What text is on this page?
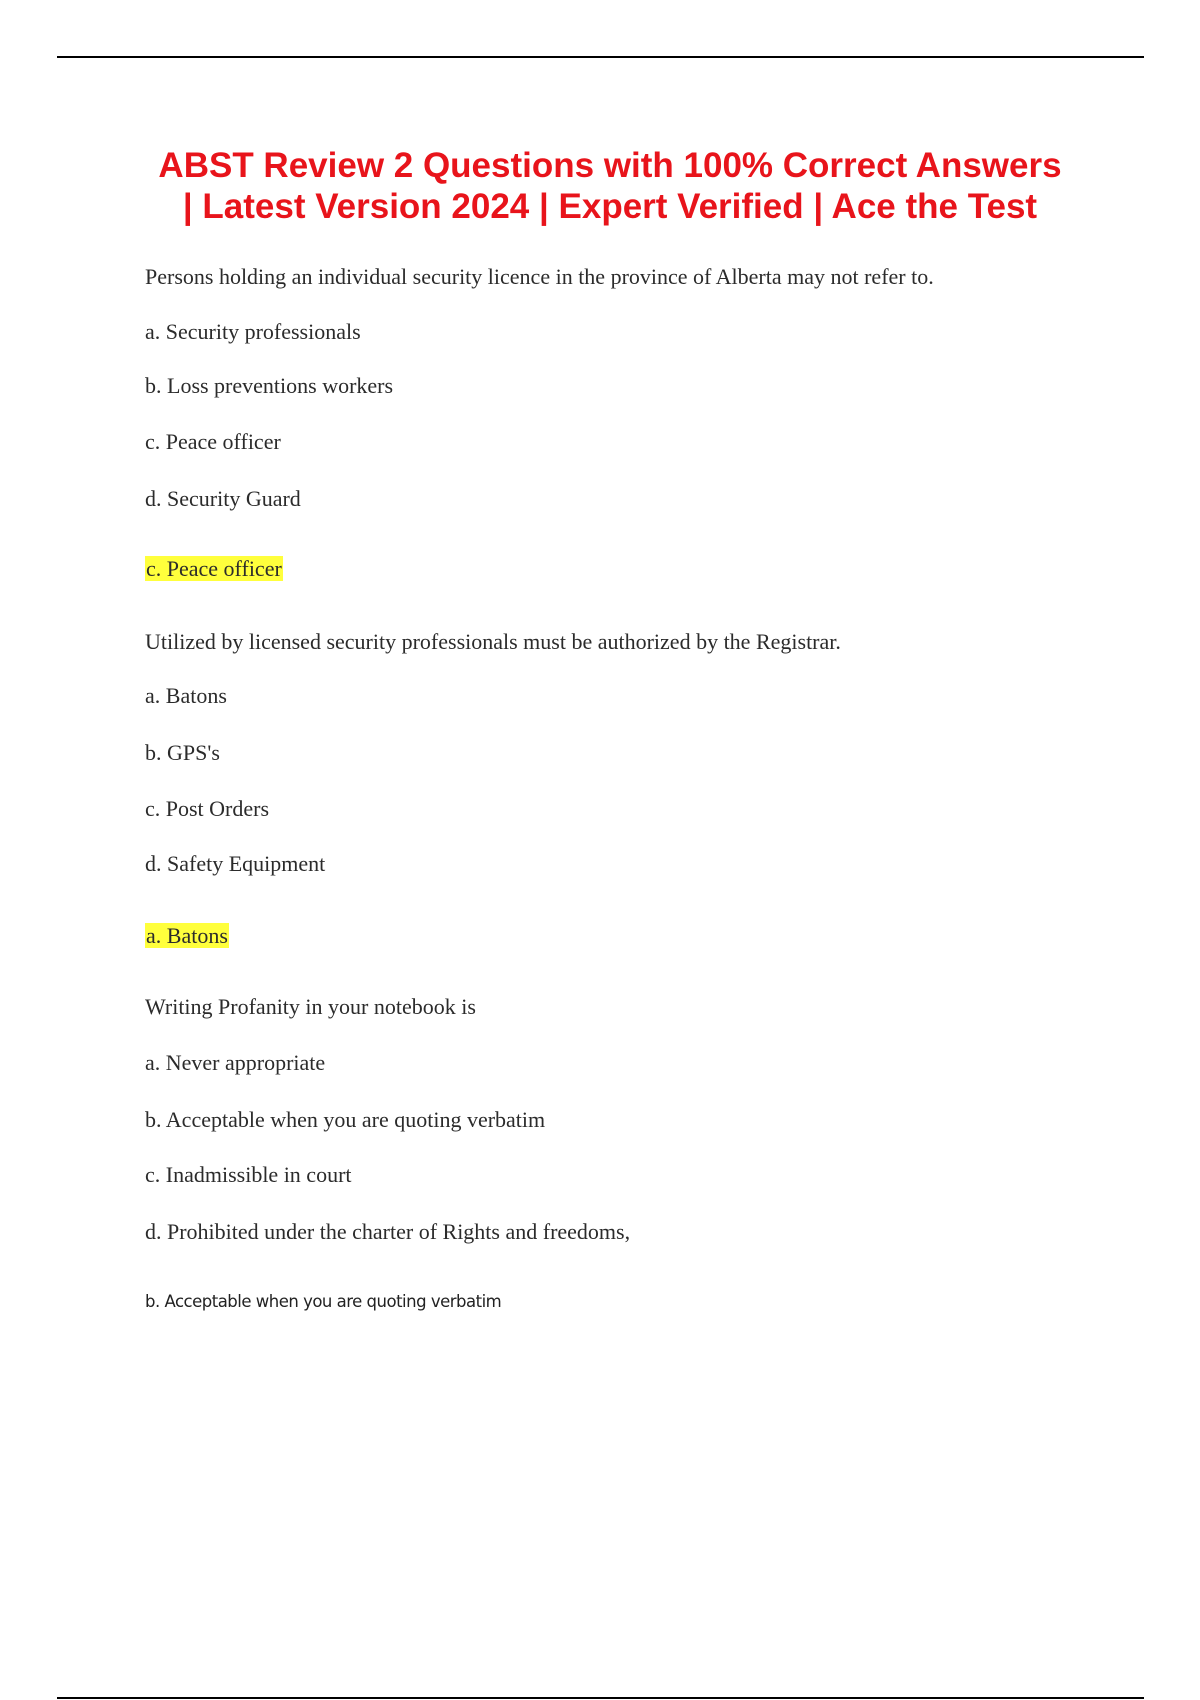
ABST Review 2 Questions with 100% Correct Answers
| Latest Version 2024 | Expert Verified | Ace the Test

Persons holding an individual security licence in the province of Alberta may not refer to.

a. Security professionals

b. Loss preventions workers

c. Peace officer

d. Security Guard

c. Peace officer

Utilized by licensed security professionals must be authorized by the Registrar.

a. Batons

b. GPS's

c. Post Orders

d. Safety Equipment

a. Batons

Writing Profanity in your notebook is

a. Never appropriate

b. Acceptable when you are quoting verbatim

c. Inadmissible in court

d. Prohibited under the charter of Rights and freedoms,

b. Acceptable when you are quoting verbatim
